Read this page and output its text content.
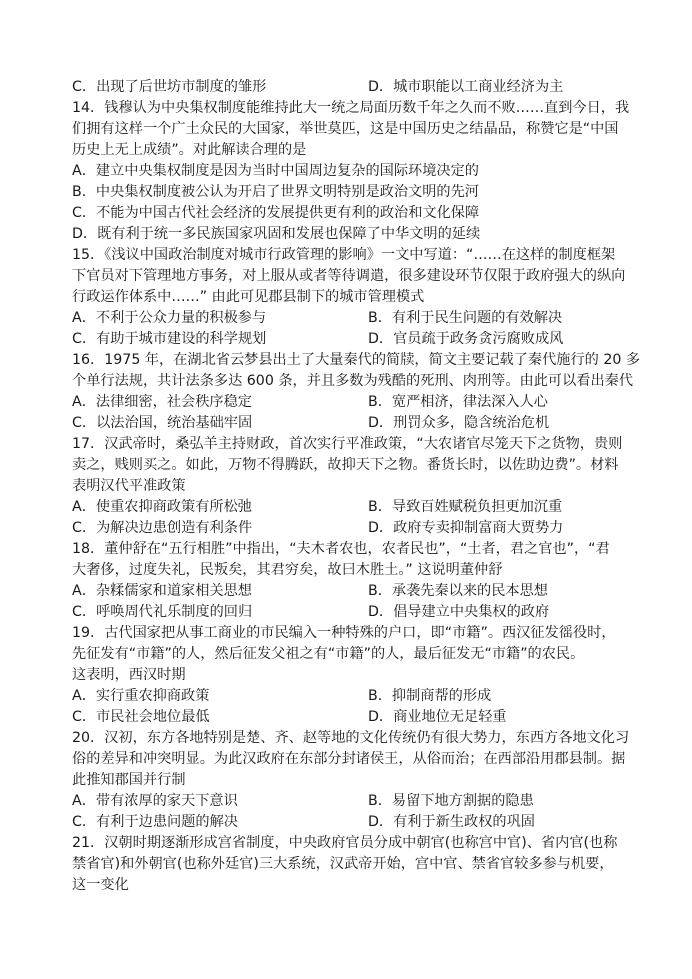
C．出现了后世坊市制度的雏形	D．城市职能以工商业经济为主
14．钱穆认为中央集权制度能维持此大一统之局面历数千年之久而不败……直到今日，我
们拥有这样一个广土众民的大国家，举世莫匹，这是中国历史之结晶品，称赞它是“中国
历史上无上成绩”。对此解读合理的是
A．建立中央集权制度是因为当时中国周边复杂的国际环境决定的
B．中央集权制度被公认为开启了世界文明特别是政治文明的先河
C．不能为中国古代社会经济的发展提供更有利的政治和文化保障
D．既有利于统一多民族国家巩固和发展也保障了中华文明的延续
15．《浅议中国政治制度对城市行政管理的影响》一文中写道：“……在这样的制度框架
下官员对下管理地方事务，对上服从或者等待调遣，很多建设环节仅限于政府强大的纵向
行政运作体系中……” 由此可见郡县制下的城市管理模式
A．不利于公众力量的积极参与	B．有利于民生问题的有效解决
C．有助于城市建设的科学规划	D．官员疏于政务贪污腐败成风
16．1975 年，在湖北省云梦县出土了大量秦代的简牍，简文主要记载了秦代施行的 20 多
个单行法规，共计法条多达 600 条，并且多数为残酷的死刑、肉刑等。由此可以看出秦代
A．法律细密，社会秩序稳定	B．宽严相济，律法深入人心
C．以法治国，统治基础牢固	D．刑罚众多，隐含统治危机
17．汉武帝时，桑弘羊主持财政，首次实行平准政策，“大农诸官尽笼天下之货物，贵则
卖之，贱则买之。如此，万物不得腾跃，故抑天下之物。番货长时，以佐助边费”。材料
表明汉代平准政策
A．使重农抑商政策有所松弛	B．导致百姓赋税负担更加沉重
C．为解决边患创造有利条件	D．政府专卖抑制富商大贾势力
18．董仲舒在“五行相胜”中指出，“夫木者农也，农者民也”，“土者，君之官也”，“君
大奢侈，过度失礼，民叛矣，其君穷矣，故曰木胜土。” 这说明董仲舒
A．杂糅儒家和道家相关思想	B．承袭先秦以来的民本思想
C．呼唤周代礼乐制度的回归	D．倡导建立中央集权的政府
19．古代国家把从事工商业的市民编入一种特殊的户口，即“市籍”。西汉征发徭役时，
先征发有“市籍”的人，然后征发父祖之有“市籍”的人，最后征发无“市籍”的农民。
这表明，西汉时期
A．实行重农抑商政策	B．抑制商帮的形成
C．市民社会地位最低	D．商业地位无足轻重
20．汉初，东方各地特别是楚、齐、赵等地的文化传统仍有很大势力，东西方各地文化习
俗的差异和冲突明显。为此汉政府在东部分封诸侯王，从俗而治；在西部沿用郡县制。据
此推知郡国并行制
A．带有浓厚的家天下意识	B．易留下地方割据的隐患
C．有利于边患问题的解决	D．有利于新生政权的巩固
21．汉朝时期逐渐形成宫省制度，中央政府官员分成中朝官(也称宫中官)、省内官(也称
禁省官)和外朝官(也称外廷官)三大系统，汉武帝开始，宫中官、禁省官较多参与机要，
这一变化
